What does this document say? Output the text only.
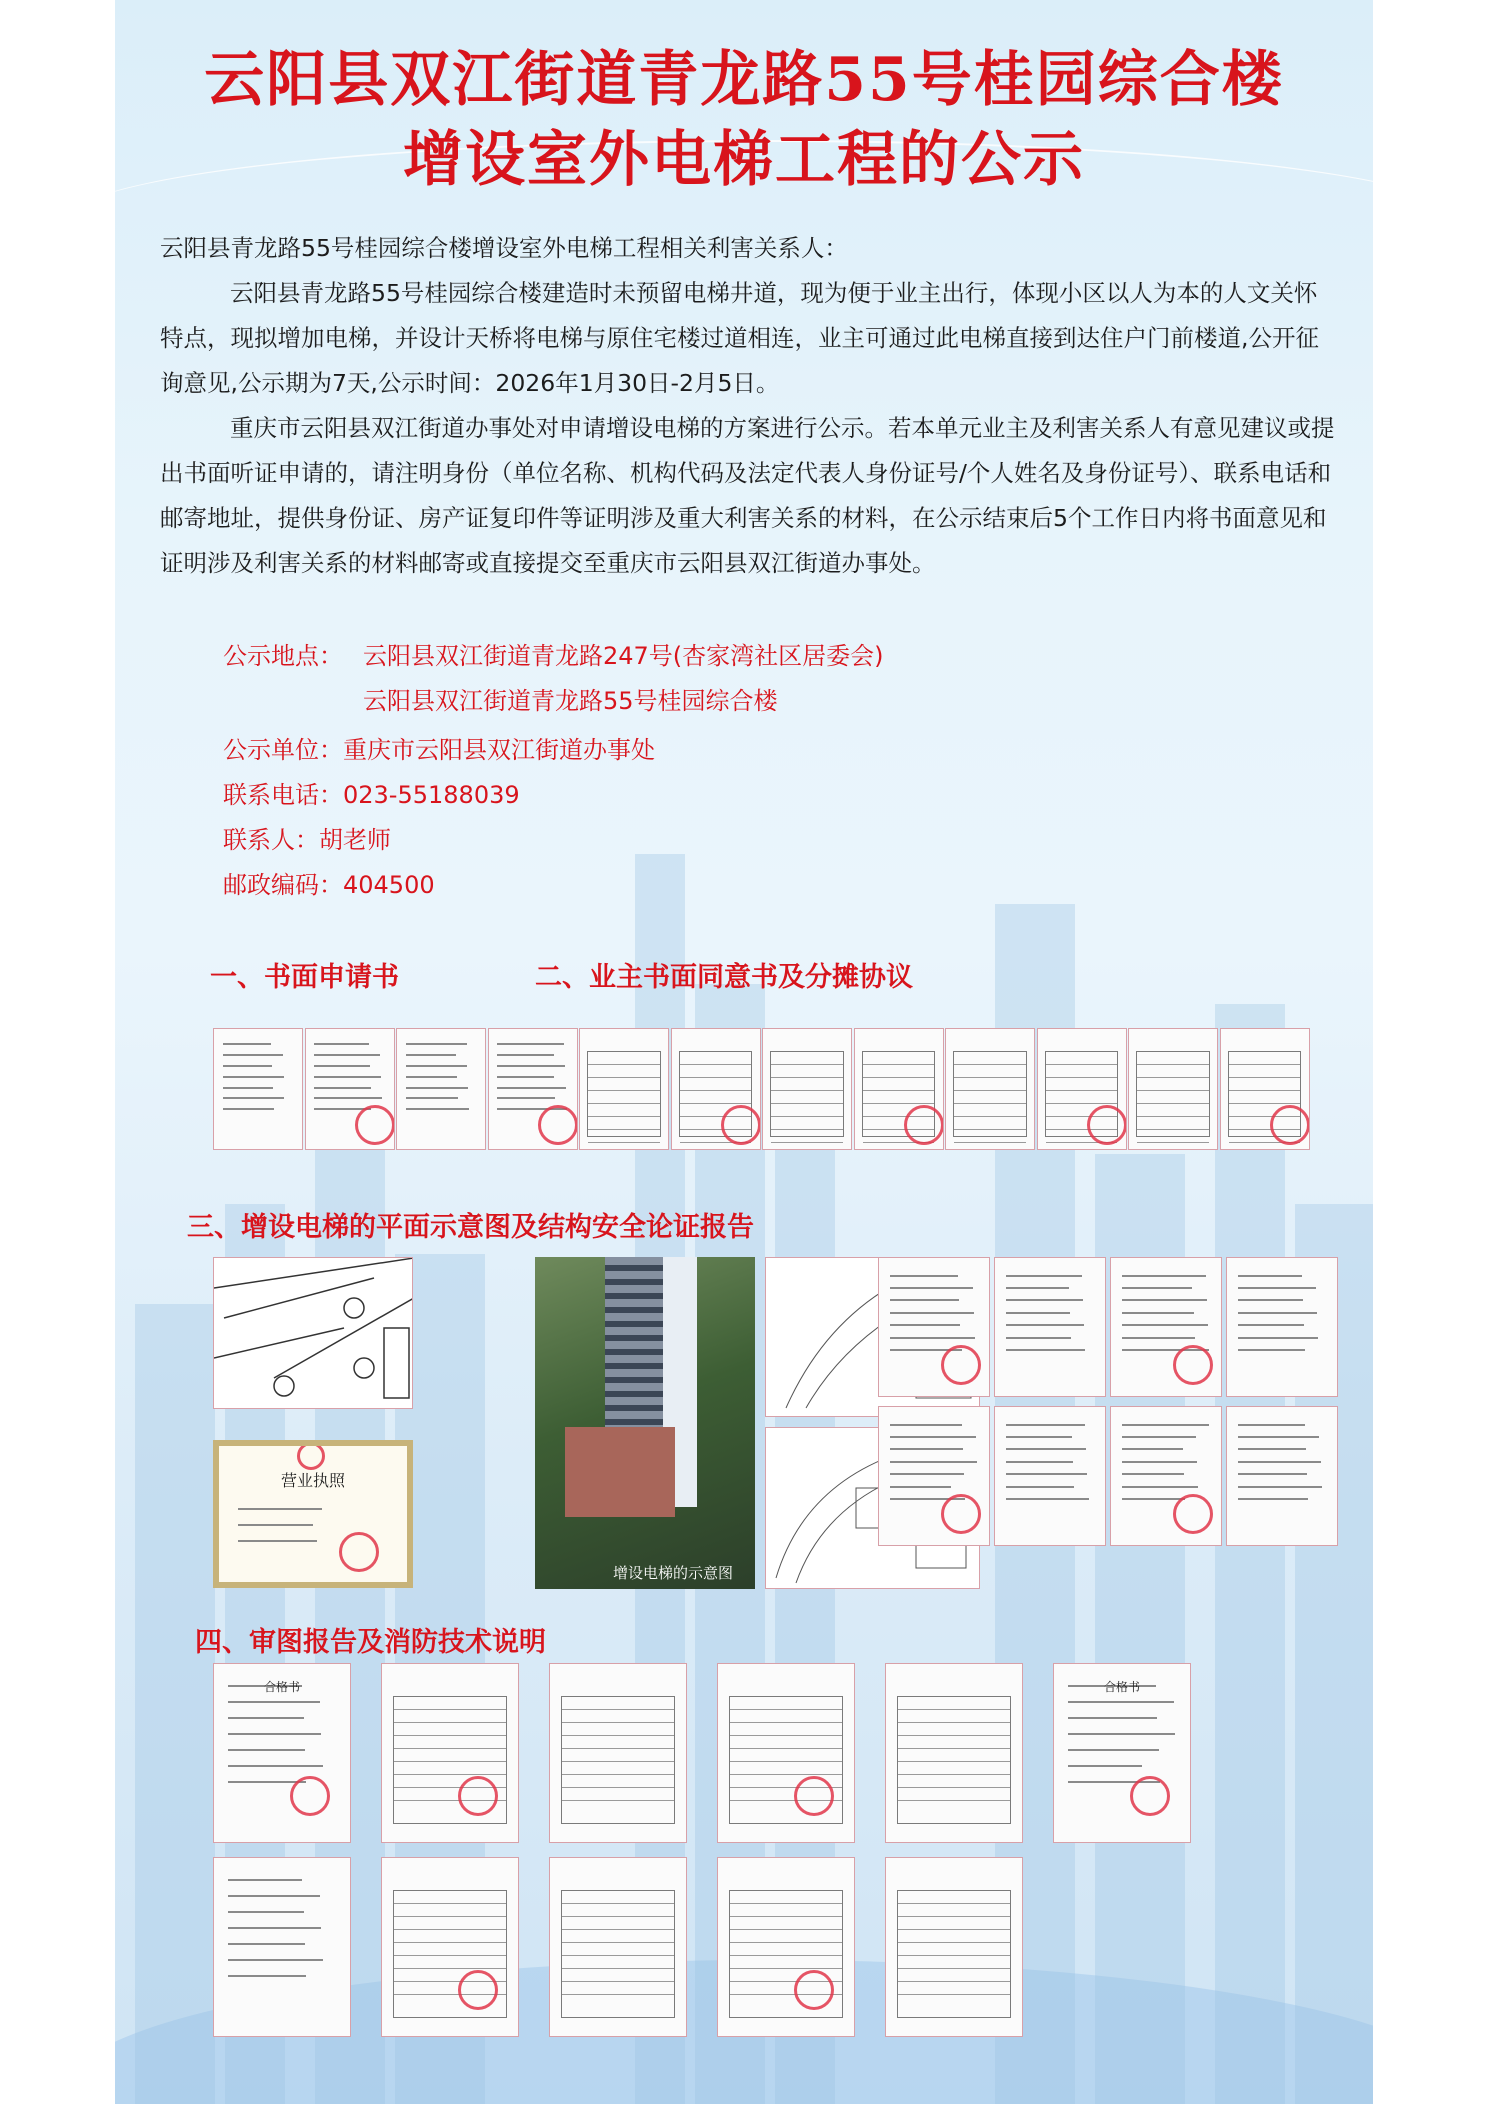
云阳县双江街道青龙路55号桂园综合楼
增设室外电梯工程的公示
云阳县青龙路55号桂园综合楼增设室外电梯工程相关利害关系人：
云阳县青龙路55号桂园综合楼建造时未预留电梯井道，现为便于业主出行，体现小区以人为本的人文关怀特点，现拟增加电梯，并设计天桥将电梯与原住宅楼过道相连，业主可通过此电梯直接到达住户门前楼道,公开征询意见,公示期为7天,公示时间：2026年1月30日-2月5日。
重庆市云阳县双江街道办事处对申请增设电梯的方案进行公示。若本单元业主及利害关系人有意见建议或提出书面听证申请的，请注明身份（单位名称、机构代码及法定代表人身份证号/个人姓名及身份证号）、联系电话和邮寄地址，提供身份证、房产证复印件等证明涉及重大利害关系的材料，在公示结束后5个工作日内将书面意见和证明涉及利害关系的材料邮寄或直接提交至重庆市云阳县双江街道办事处。
公示地点： 云阳县双江街道青龙路247号(杏家湾社区居委会)
云阳县双江街道青龙路55号桂园综合楼
公示单位：重庆市云阳县双江街道办事处
联系电话：023-55188039
联系人：胡老师
邮政编码：404500
一、书面申请书	二、业主书面同意书及分摊协议
三、增设电梯的平面示意图及结构安全论证报告
营业执照
增设电梯的示意图
四、审图报告及消防技术说明
合格书	合格书
